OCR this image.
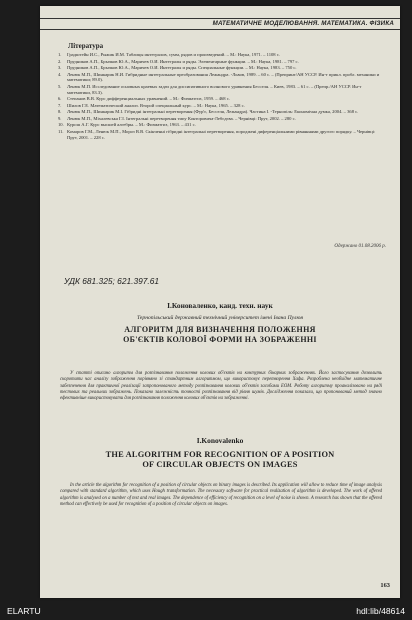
МАТЕМАТИЧНЕ МОДЕЛЮВАННЯ. МАТЕМАТИКА. ФІЗИКА
Література
1.	Градштейн И.С., Рыжик И.М. Таблицы интегралов, сумм, рядов и произведений. – М.: Наука, 1971. – 1108 с.
2.	Прудников А.П., Брычков Ю.А., Маричев О.И. Интегралы и ряды. Элементарные функции. – М.: Наука, 1981. – 797 с.
3.	Прудников А.П., Брычков Ю.А., Маричев О.И. Интегралы и ряды. Специальные функции. – М.: Наука, 1983. – 750 с.
4.	Ленюк М.П., Шинкарик Н.И. Гибридные интегральные преобразования Лежандра. -Львов, 1989. – 60 с. – (Препринт/АН УССР. Ин-т прикл. пробл. механики и математики; 89.0).
5.	Ленюк М.П. Исследование основных краевых задач для диссипативного волнового уравнения Бесселя. – Киев, 1983. – 61 с. – (Препр./АН УССР. Ин-т математики, 83.3).
6.	Степанов В.В. Курс дифференциальных уравнений. – М.: Физматгиз, 1959. – 468 с.
7.	Шилов Г.Е. Математический анализ. Второй специальный курс. – М.: Наука, 1965. – 328 с.
8.	Ленюк М.П., Шинкарик М.І. Гібридні інтегральні перетворення (Фур'є, Бесселя, Лежандра). Частина І. -Тернопіль: Економічна думка, 2004. – 368 с.
9.	Ленюк М.П., Міхалевська Г.І. Інтегральні перетворення типу Конторовича-Лебєдєва. – Чернівці: Прут, 2002. – 280 с.
10. Курош А.Г. Курс высшей алгебры. – М.: Физматгиз, 1963. – 431 с.
11. Комаров Г.М., Ленюк М.П., Мороз В.В. Скінченні гібридні інтегральні перетворення, породжені диференціальними рівняннями другого порядку. – Чернівці: Прут, 2001. – 228 с.
Одержано 01.08.2006 р.
УДК 681.325; 621.397.61
І.Коноваленко, канд. техн. наук
Тернопільський державний технічний університет імені Івана Пулюя
АЛГОРИТМ ДЛЯ ВИЗНАЧЕННЯ ПОЛОЖЕННЯ
ОБ'ЄКТІВ КОЛОВОЇ ФОРМИ НА ЗОБРАЖЕННІ
У статті описано алгоритм для розпізнавання положення колових об'єктів на контурних бінарних зображеннях. Його застосування дозволить скоротити час аналізу зображення порівняно зі стандартним алгоритмом, що використовує перетворення Хафа. Розроблена необхідне математичне забезпечення для практичної реалізації запропонованого методу розпізнавання колових об'єктів засобами ЕОМ. Роботу алгоритму проаналізовано на ряді тестових та реальних зображень. Показано залежність точності розпізнавання від рівня шумів. Дослідження показали, що пропонований метод значно ефективніше використовувати для розпізнавання положення колових об'єктів на зображенні.
I.Konovalenko
THE ALGORITHM FOR RECOGNITION OF A POSITION
OF CIRCULAR OBJECTS ON IMAGES
In the article the algorithm for recognition of a position of circular objects on binary images is described. Its application will allow to reduce time of image analysis compared with standard algorithm, which uses Hough transformation. The necessary software for practical realization of algorithm is developed. The work of offered algorithm is analysed on a number of test and real images. The dependence of efficiency of recognition on a level of noise is shown. A research has shown that the offered method can effectively be used for recognition of a position of circular objects on images.
163
ELARTU	hdl:lib/48614
